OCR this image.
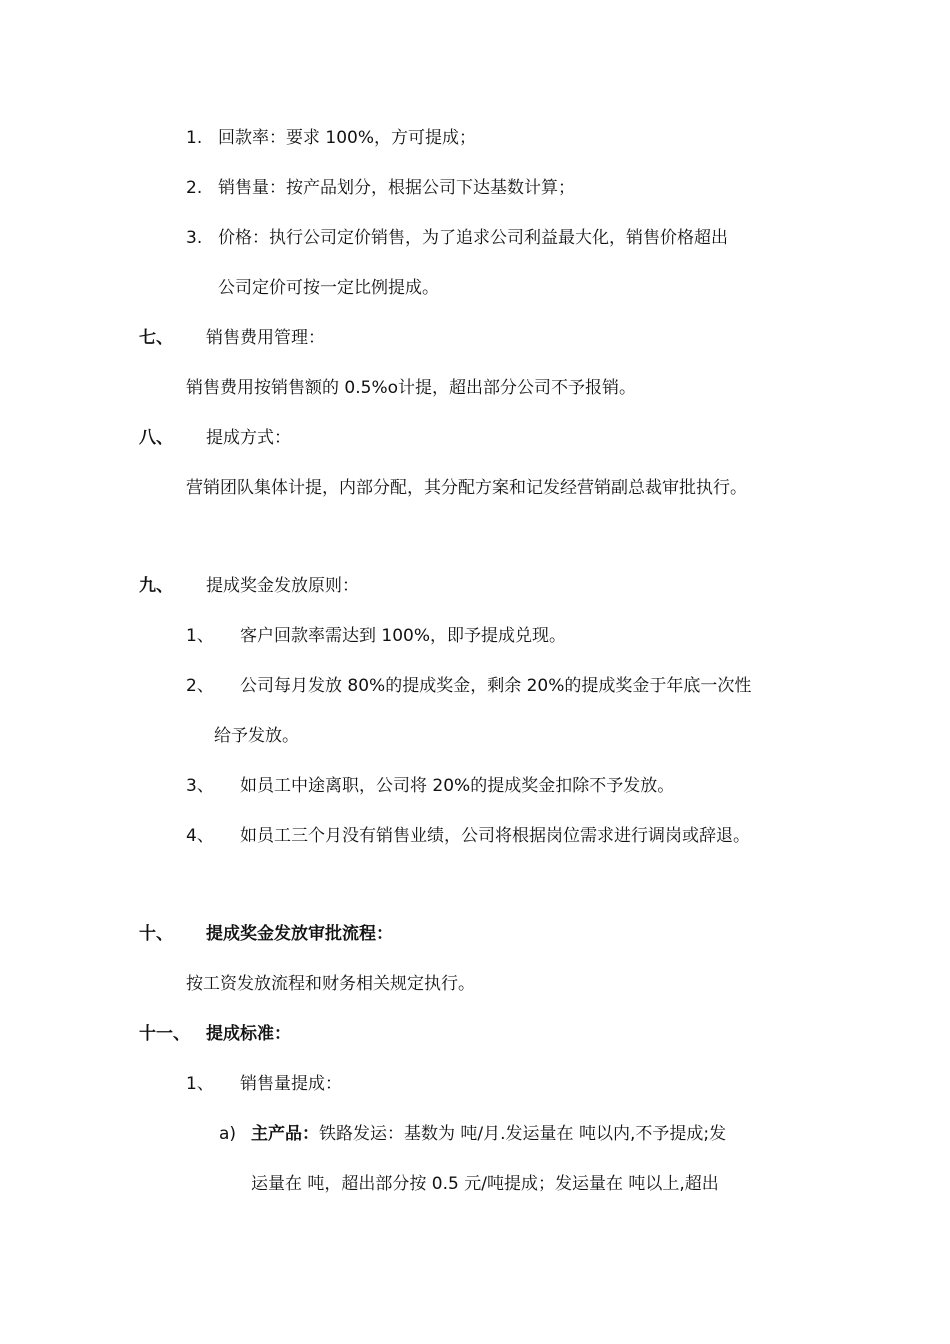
1. 回款率：要求 100%，方可提成；
2. 销售量：按产品划分，根据公司下达基数计算；
3. 价格：执行公司定价销售，为了追求公司利益最大化，销售价格超出
公司定价可按一定比例提成。
七、 销售费用管理：
销售费用按销售额的 0.5%o计提，超出部分公司不予报销。
八、 提成方式：
营销团队集体计提，内部分配，其分配方案和记发经营销副总裁审批执行。
九、 提成奖金发放原则：
1、 客户回款率需达到 100%，即予提成兑现。
2、 公司每月发放 80%的提成奖金，剩余 20%的提成奖金于年底一次性
给予发放。
3、 如员工中途离职，公司将 20%的提成奖金扣除不予发放。
4、 如员工三个月没有销售业绩，公司将根据岗位需求进行调岗或辞退。
十、 提成奖金发放审批流程：
按工资发放流程和财务相关规定执行。
十一、 提成标准：
1、 销售量提成：
a) 主产品：铁路发运：基数为 吨/月.发运量在 吨以内,不予提成;发
运量在 吨，超出部分按 0.5 元/吨提成；发运量在 吨以上,超出
